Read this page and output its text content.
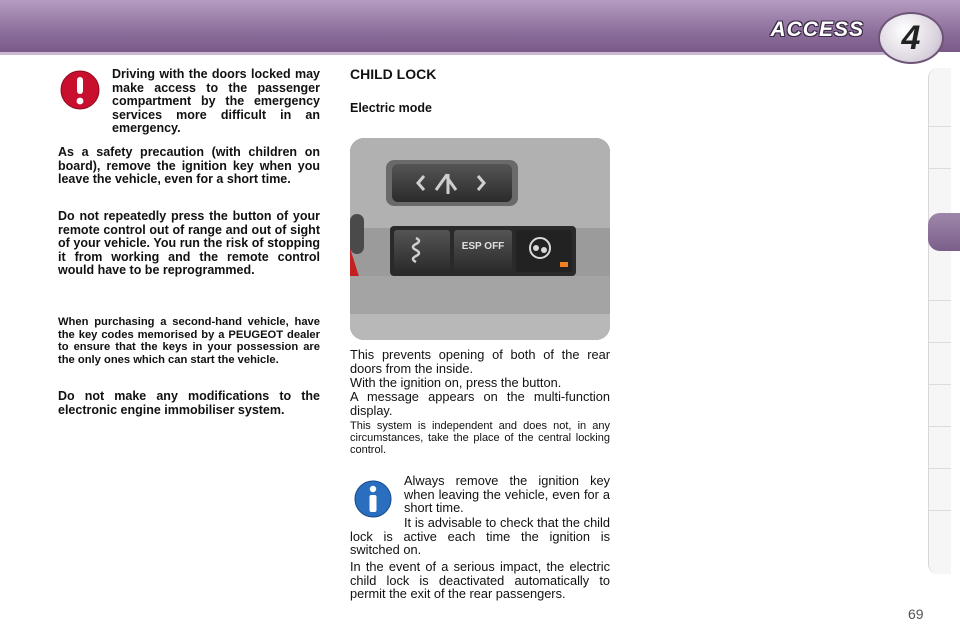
ACCESS 4
Driving with the doors locked may make access to the passenger compartment by the emergency services more difficult in an emergency.
As a safety precaution (with children on board), remove the ignition key when you leave the vehicle, even for a short time.
Do not repeatedly press the button of your remote control out of range and out of sight of your vehicle. You run the risk of stopping it from working and the remote control would have to be reprogrammed.
When purchasing a second-hand vehicle, have the key codes memorised by a PEUGEOT dealer to ensure that the keys in your possession are the only ones which can start the vehicle.
Do not make any modifications to the electronic engine immobiliser system.
CHILD LOCK
Electric mode
ESP OFF
This prevents opening of both of the rear doors from the inside.
With the ignition on, press the button.
A message appears on the multi-function display.
This system is independent and does not, in any circumstances, take the place of the central locking control.
Always remove the ignition key when leaving the vehicle, even for a short time.
It is advisable to check that the child lock is active each time the ignition is switched on.
In the event of a serious impact, the electric child lock is deactivated automatically to permit the exit of the rear passengers.
69
